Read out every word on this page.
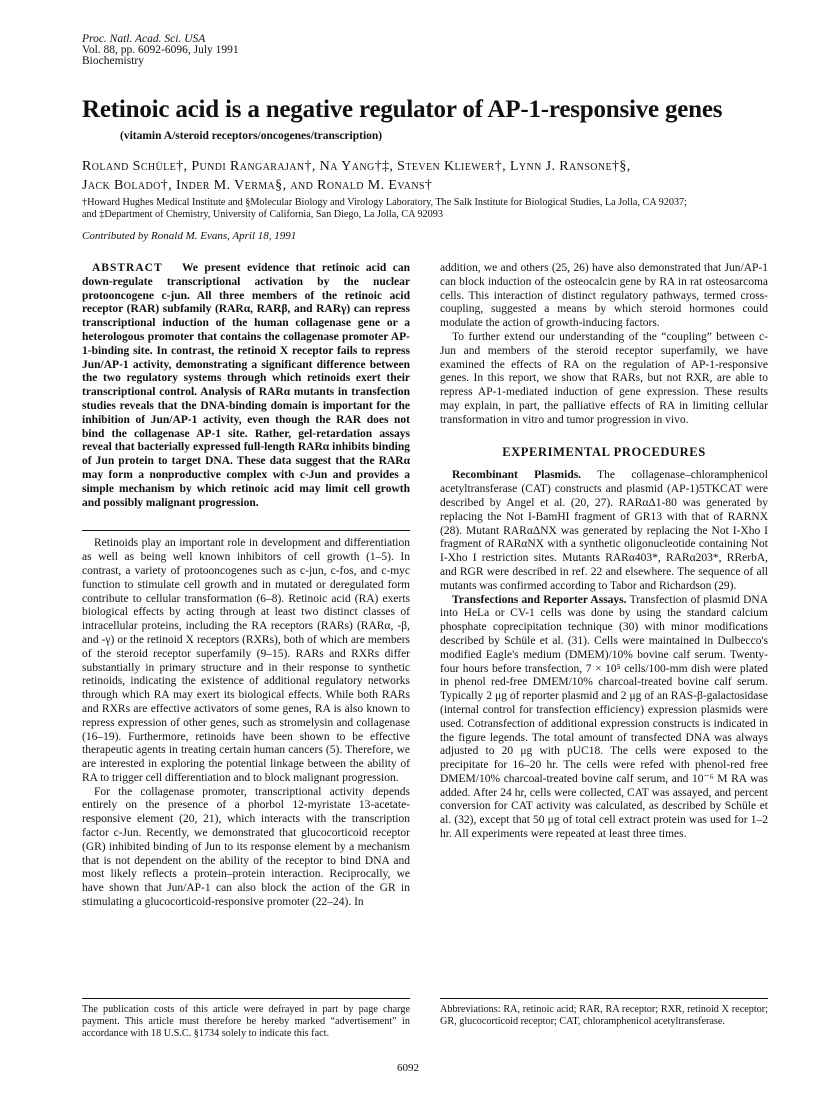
Proc. Natl. Acad. Sci. USA
Vol. 88, pp. 6092-6096, July 1991
Biochemistry
Retinoic acid is a negative regulator of AP-1-responsive genes
(vitamin A/steroid receptors/oncogenes/transcription)
Roland Schüle†, Pundi Rangarajan†, Na Yang†‡, Steven Kliewer†, Lynn J. Ransone†§,
Jack Bolado†, Inder M. Verma§, and Ronald M. Evans†
†Howard Hughes Medical Institute and §Molecular Biology and Virology Laboratory, The Salk Institute for Biological Studies, La Jolla, CA 92037;
and ‡Department of Chemistry, University of California, San Diego, La Jolla, CA 92093
Contributed by Ronald M. Evans, April 18, 1991

ABSTRACT We present evidence that retinoic acid can down-regulate transcriptional activation by the nuclear protooncogene c-jun. All three members of the retinoic acid receptor (RAR) subfamily (RARα, RARβ, and RARγ) can repress transcriptional induction of the human collagenase gene or a heterologous promoter that contains the collagenase promoter AP-1-binding site. In contrast, the retinoid X receptor fails to repress Jun/AP-1 activity, demonstrating a significant difference between the two regulatory systems through which retinoids exert their transcriptional control. Analysis of RARα mutants in transfection studies reveals that the DNA-binding domain is important for the inhibition of Jun/AP-1 activity, even though the RAR does not bind the collagenase AP-1 site. Rather, gel-retardation assays reveal that bacterially expressed full-length RARα inhibits binding of Jun protein to target DNA. These data suggest that the RARα may form a nonproductive complex with c-Jun and provides a simple mechanism by which retinoic acid may limit cell growth and possibly malignant progression.

Retinoids play an important role in development and differentiation as well as being well known inhibitors of cell growth (1–5). In contrast, a variety of protooncogenes such as c-jun, c-fos, and c-myc function to stimulate cell growth and in mutated or deregulated form contribute to cellular transformation (6–8). Retinoic acid (RA) exerts biological effects by acting through at least two distinct classes of intracellular proteins, including the RA receptors (RARs) (RARα, -β, and -γ) or the retinoid X receptors (RXRs), both of which are members of the steroid receptor superfamily (9–15). RARs and RXRs differ substantially in primary structure and in their response to synthetic retinoids, indicating the existence of additional regulatory networks through which RA may exert its biological effects. While both RARs and RXRs are effective activators of some genes, RA is also known to repress expression of other genes, such as stromelysin and collagenase (16–19). Furthermore, retinoids have been shown to be effective therapeutic agents in treating certain human cancers (5). Therefore, we are interested in exploring the potential linkage between the ability of RA to trigger cell differentiation and to block malignant progression.

For the collagenase promoter, transcriptional activity depends entirely on the presence of a phorbol 12-myristate 13-acetate-responsive element (20, 21), which interacts with the transcription factor c-Jun. Recently, we demonstrated that glucocorticoid receptor (GR) inhibited binding of Jun to its response element by a mechanism that is not dependent on the ability of the receptor to bind DNA and most likely reflects a protein–protein interaction. Reciprocally, we have shown that Jun/AP-1 can also block the action of the GR in stimulating a glucocorticoid-responsive promoter (22–24). In

addition, we and others (25, 26) have also demonstrated that Jun/AP-1 can block induction of the osteocalcin gene by RA in rat osteosarcoma cells. This interaction of distinct regulatory pathways, termed cross-coupling, suggested a means by which steroid hormones could modulate the action of growth-inducing factors.

To further extend our understanding of the “coupling” between c-Jun and members of the steroid receptor superfamily, we have examined the effects of RA on the regulation of AP-1-responsive genes. In this report, we show that RARs, but not RXR, are able to repress AP-1-mediated induction of gene expression. These results may explain, in part, the palliative effects of RA in limiting cellular transformation in vitro and tumor progression in vivo.

EXPERIMENTAL PROCEDURES

Recombinant Plasmids. The collagenase–chloramphenicol acetyltransferase (CAT) constructs and plasmid (AP-1)5TKCAT were described by Angel et al. (20, 27). RARαΔ1-80 was generated by replacing the Not I-BamHI fragment of GR13 with that of RARNX (28). Mutant RARαΔNX was generated by replacing the Not I-Xho I fragment of RARαNX with a synthetic oligonucleotide containing Not I-Xho I restriction sites. Mutants RARα403*, RARα203*, RRerbA, and RGR were described in ref. 22 and elsewhere. The sequence of all mutants was confirmed according to Tabor and Richardson (29).

Transfections and Reporter Assays. Transfection of plasmid DNA into HeLa or CV-1 cells was done by using the standard calcium phosphate coprecipitation technique (30) with minor modifications described by Schüle et al. (31). Cells were maintained in Dulbecco's modified Eagle's medium (DMEM)/10% bovine calf serum. Twenty-four hours before transfection, 7 × 10⁵ cells/100-mm dish were plated in phenol red-free DMEM/10% charcoal-treated bovine calf serum. Typically 2 μg of reporter plasmid and 2 μg of an RAS-β-galactosidase (internal control for transfection efficiency) expression plasmids were used. Cotransfection of additional expression constructs is indicated in the figure legends. The total amount of transfected DNA was always adjusted to 20 μg with pUC18. The cells were exposed to the precipitate for 16–20 hr. The cells were refed with phenol-red free DMEM/10% charcoal-treated bovine calf serum, and 10⁻⁶ M RA was added. After 24 hr, cells were collected, CAT was assayed, and percent conversion for CAT activity was calculated, as described by Schüle et al. (32), except that 50 μg of total cell extract protein was used for 1–2 hr. All experiments were repeated at least three times.

The publication costs of this article were defrayed in part by page charge payment. This article must therefore be hereby marked “advertisement” in accordance with 18 U.S.C. §1734 solely to indicate this fact.
Abbreviations: RA, retinoic acid; RAR, RA receptor; RXR, retinoid X receptor; GR, glucocorticoid receptor; CAT, chloramphenicol acetyltransferase.
6092
